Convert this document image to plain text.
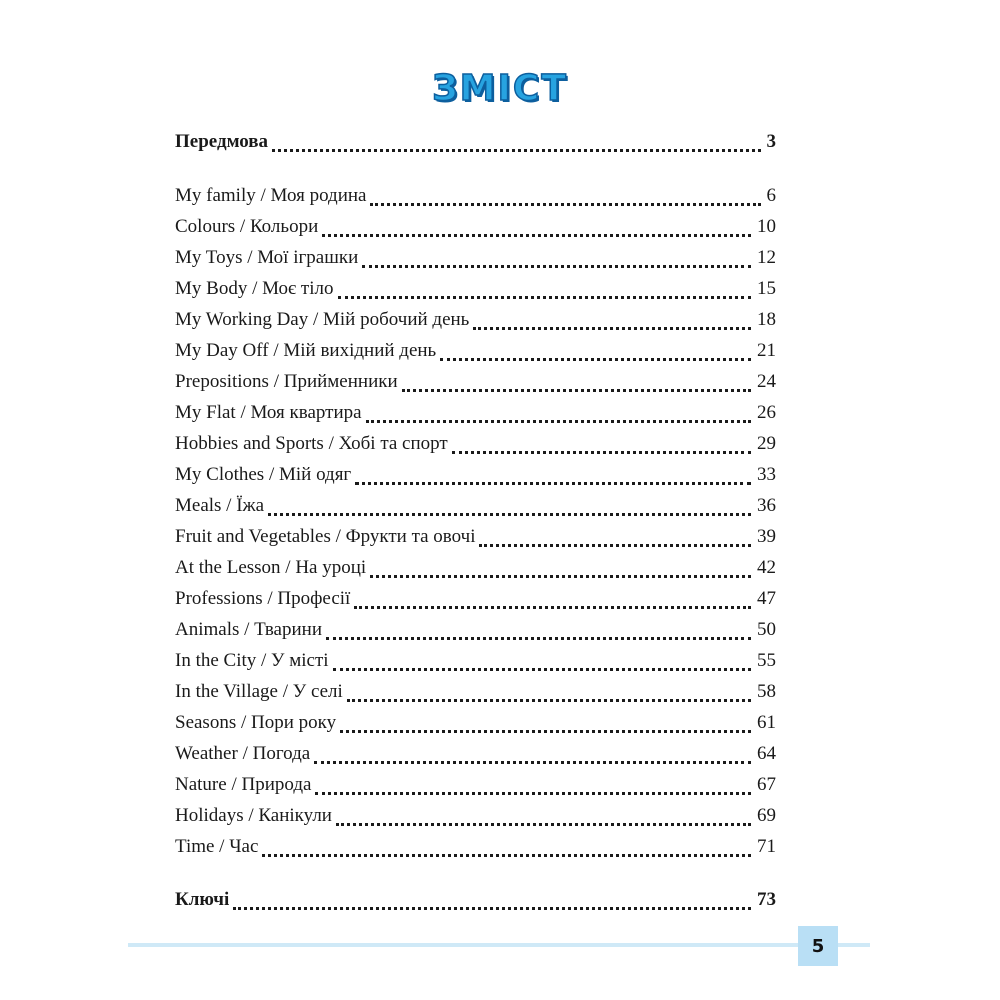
ЗМІСТ
Передмова	3
My family / Моя родина	6
Colours / Кольори	10
My Toys / Мої іграшки	12
My Body / Моє тіло	15
My Working Day / Мій робочий день	18
My Day Off / Мій вихідний день	21
Prepositions / Прийменники	24
My Flat / Моя квартира	26
Hobbies and Sports / Хобі та спорт	29
My Clothes / Мій одяг	33
Meals / Їжа	36
Fruit and Vegetables / Фрукти та овочі	39
At the Lesson / На уроці	42
Professions / Професії	47
Animals / Тварини	50
In the City / У місті	55
In the Village / У селі	58
Seasons / Пори року	61
Weather / Погода	64
Nature / Природа	67
Holidays / Канікули	69
Time / Час	71
Ключі	73
5
